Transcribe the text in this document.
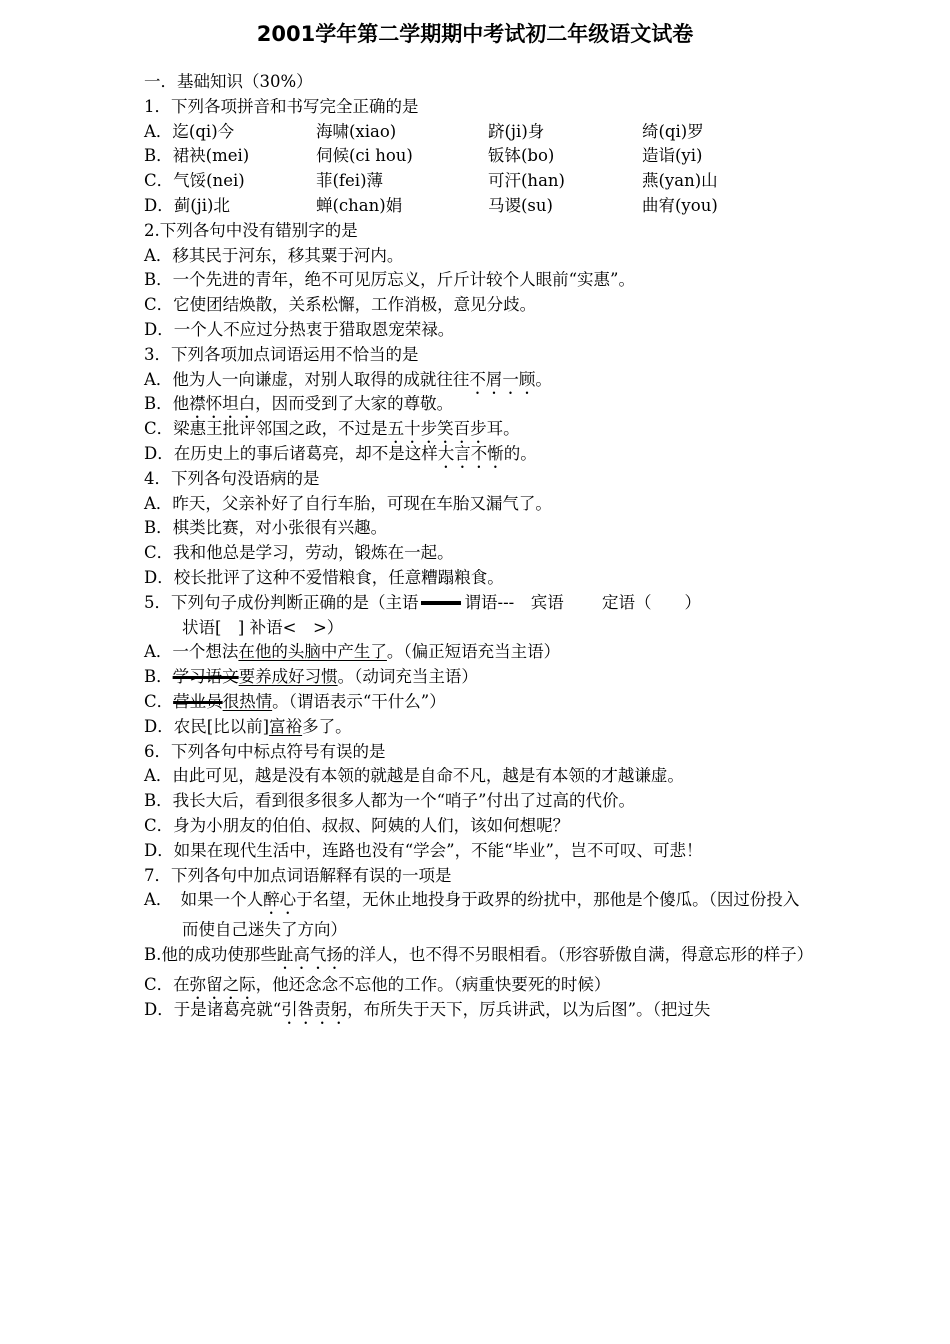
2001学年第二学期期中考试初二年级语文试卷
一．基础知识（30%）
1．下列各项拼音和书写完全正确的是
A．迄(qi)今	海啸(xiao)	跻(ji)身	绮(qi)罗
B．裙袂(mei)	伺候(ci hou)	钣钵(bo)	造诣(yi)
C．气馁(nei)	菲(fei)薄	可汗(han)	燕(yan)山
D．蓟(ji)北	蝉(chan)娟	马谡(su)	曲宥(you)
2.下列各句中没有错别字的是
A．移其民于河东，移其粟于河内。
B．一个先进的青年，绝不可见厉忘义，斤斤计较个人眼前“实惠”。
C．它使团结焕散，关系松懈，工作消极，意见分歧。
D．一个人不应过分热衷于猎取恩宠荣禄。
3．下列各项加点词语运用不恰当的是
A．他为人一向谦虚，对别人取得的成就往往不屑一顾。
B．他襟怀坦白，因而受到了大家的尊敬。
C．梁惠王批评邻国之政，不过是五十步笑百步耳。
D．在历史上的事后诸葛亮，却不是这样大言不惭的。
4．下列各句没语病的是
A．昨天，父亲补好了自行车胎，可现在车胎又漏气了。
B．棋类比赛，对小张很有兴趣。
C．我和他总是学习，劳动，锻炼在一起。
D．校长批评了这种不爱惜粮食，任意糟蹋粮食。
5．下列句子成份判断正确的是（主语	谓语---　宾语　　 定语（　　）
状语[　] 补语<　>）
A．一个想法在他的头脑中产生了。（偏正短语充当主语）
B．学习语文要养成好习惯。（动词充当主语）
C．营业员很热情。（谓语表示“干什么”）
D．农民[比以前]富裕多了。
6．下列各句中标点符号有误的是
A．由此可见，越是没有本领的就越是自命不凡，越是有本领的才越谦虚。
B．我长大后，看到很多很多人都为一个“哨子”付出了过高的代价。
C．身为小朋友的伯伯、叔叔、阿姨的人们，该如何想呢？
D．如果在现代生活中，连路也没有“学会”，不能“毕业”，岂不可叹、可悲！
7．下列各句中加点词语解释有误的一项是
A．　如果一个人醉心于名望，无休止地投身于政界的纷扰中，那他是个傻瓜。（因过份投入而使自己迷失了方向）
B.他的成功使那些趾高气扬的洋人，也不得不另眼相看。（形容骄傲自满，得意忘形的样子）
C．在弥留之际，他还念念不忘他的工作。（病重快要死的时候）
D．于是诸葛亮就“引咎责躬，布所失于天下，厉兵讲武，以为后图”。（把过失
